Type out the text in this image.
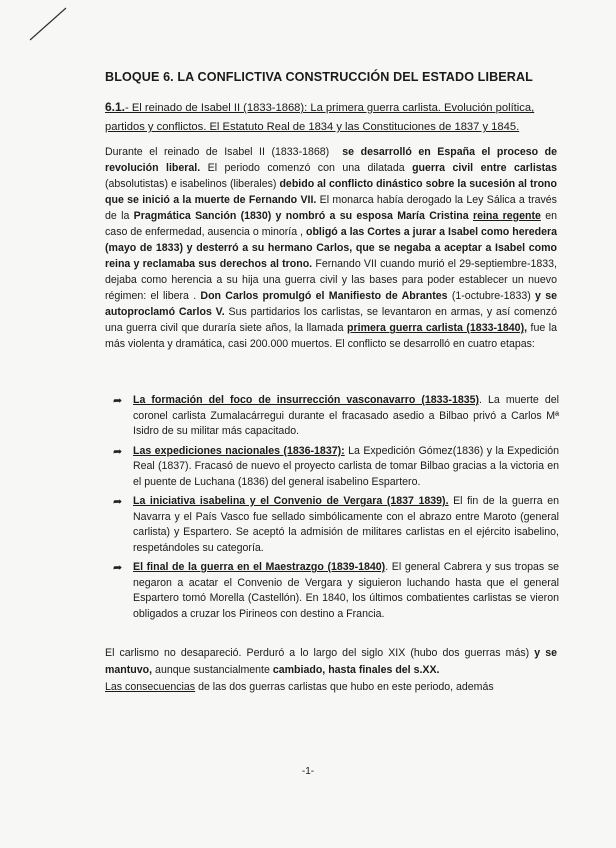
BLOQUE 6. LA CONFLICTIVA CONSTRUCCIÓN DEL ESTADO LIBERAL
6.1.- El reinado de Isabel II (1833-1868): La primera guerra carlista. Evolución política, partidos y conflictos. El Estatuto Real de 1834 y las Constituciones de 1837 y 1845.
Durante el reinado de Isabel II (1833-1868) se desarrolló en España el proceso de revolución liberal. El periodo comenzó con una dilatada guerra civil entre carlistas (absolutistas) e isabelinos (liberales) debido al conflicto dinástico sobre la sucesión al trono que se inició a la muerte de Fernando VII. El monarca había derogado la Ley Sálica a través de la Pragmática Sanción (1830) y nombró a su esposa María Cristina reina regente en caso de enfermedad, ausencia o minoría , obligó a las Cortes a jurar a Isabel como heredera (mayo de 1833) y desterró a su hermano Carlos, que se negaba a aceptar a Isabel como reina y reclamaba sus derechos al trono. Fernando VII cuando murió el 29-septiembre-1833, dejaba como herencia a su hija una guerra civil y las bases para poder establecer un nuevo régimen: el libera . Don Carlos promulgó el Manifiesto de Abrantes (1-octubre-1833) y se autoproclamó Carlos V. Sus partidarios los carlistas, se levantaron en armas, y así comenzó una guerra civil que duraría siete años, la llamada primera guerra carlista (1833-1840), fue la más violenta y dramática, casi 200.000 muertos. El conflicto se desarrolló en cuatro etapas:
➦ La formación del foco de insurrección vasconavarro (1833-1835). La muerte del coronel carlista Zumalacárregui durante el fracasado asedio a Bilbao privó a Carlos Mª Isidro de su militar más capacitado.
➦ Las expediciones nacionales (1836-1837): La Expedición Gómez(1836) y la Expedición Real (1837). Fracasó de nuevo el proyecto carlista de tomar Bilbao gracias a la victoria en el puente de Luchana (1836) del general isabelino Espartero.
➦ La iniciativa isabelina y el Convenio de Vergara (1837 1839). El fin de la guerra en Navarra y el País Vasco fue sellado simbólicamente con el abrazo entre Maroto (general carlista) y Espartero. Se aceptó la admisión de militares carlistas en el ejército isabelino, respetándoles su categoría.
➦ El final de la guerra en el Maestrazgo (1839-1840). El general Cabrera y sus tropas se negaron a acatar el Convenio de Vergara y siguieron luchando hasta que el general Espartero tomó Morella (Castellón). En 1840, los últimos combatientes carlistas se vieron obligados a cruzar los Pirineos con destino a Francia.
El carlismo no desapareció. Perduró a lo largo del siglo XIX (hubo dos guerras más) y se mantuvo, aunque sustancialmente cambiado, hasta finales del s.XX.
Las consecuencias de las dos guerras carlistas que hubo en este periodo, además
-1-
